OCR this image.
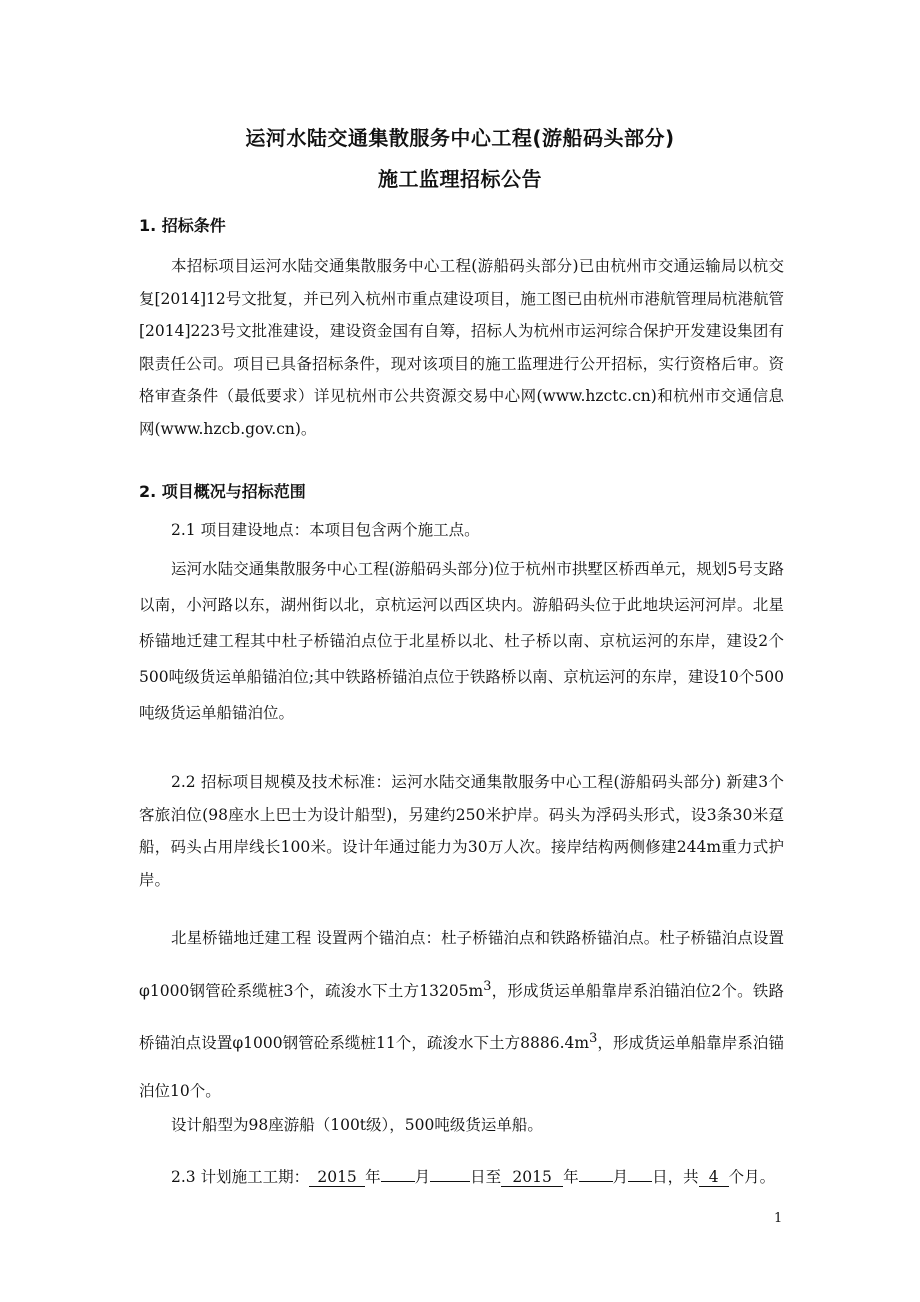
运河水陆交通集散服务中心工程(游船码头部分)
施工监理招标公告
1. 招标条件
本招标项目运河水陆交通集散服务中心工程(游船码头部分)已由杭州市交通运输局以杭交复[2014]12号文批复，并已列入杭州市重点建设项目，施工图已由杭州市港航管理局杭港航管[2014]223号文批准建设，建设资金国有自筹，招标人为杭州市运河综合保护开发建设集团有限责任公司。项目已具备招标条件，现对该项目的施工监理进行公开招标，实行资格后审。资格审查条件（最低要求）详见杭州市公共资源交易中心网(www.hzctc.cn)和杭州市交通信息网(www.hzcb.gov.cn)。
2. 项目概况与招标范围
2.1 项目建设地点：本项目包含两个施工点。
运河水陆交通集散服务中心工程(游船码头部分)位于杭州市拱墅区桥西单元，规划5号支路以南，小河路以东，湖州街以北，京杭运河以西区块内。游船码头位于此地块运河河岸。北星桥锚地迁建工程其中杜子桥锚泊点位于北星桥以北、杜子桥以南、京杭运河的东岸，建设2个500吨级货运单船锚泊位;其中铁路桥锚泊点位于铁路桥以南、京杭运河的东岸，建设10个500吨级货运单船锚泊位。
2.2 招标项目规模及技术标准：运河水陆交通集散服务中心工程(游船码头部分) 新建3个客旅泊位(98座水上巴士为设计船型)，另建约250米护岸。码头为浮码头形式，设3条30米趸船，码头占用岸线长100米。设计年通过能力为30万人次。接岸结构两侧修建244m重力式护岸。
北星桥锚地迁建工程 设置两个锚泊点：杜子桥锚泊点和铁路桥锚泊点。杜子桥锚泊点设置φ1000钢管砼系缆桩3个，疏浚水下土方$13205m^3$，形成货运单船靠岸系泊锚泊位2个。铁路桥锚泊点设置φ1000钢管砼系缆桩11个，疏浚水下土方$8886.4m^3$，形成货运单船靠岸系泊锚泊位10个。
设计船型为98座游船（100t级），500吨级货运单船。
2.3 计划施工工期： 2015 年 月	日至 2015 年 月 日，共 4 个月。
1
